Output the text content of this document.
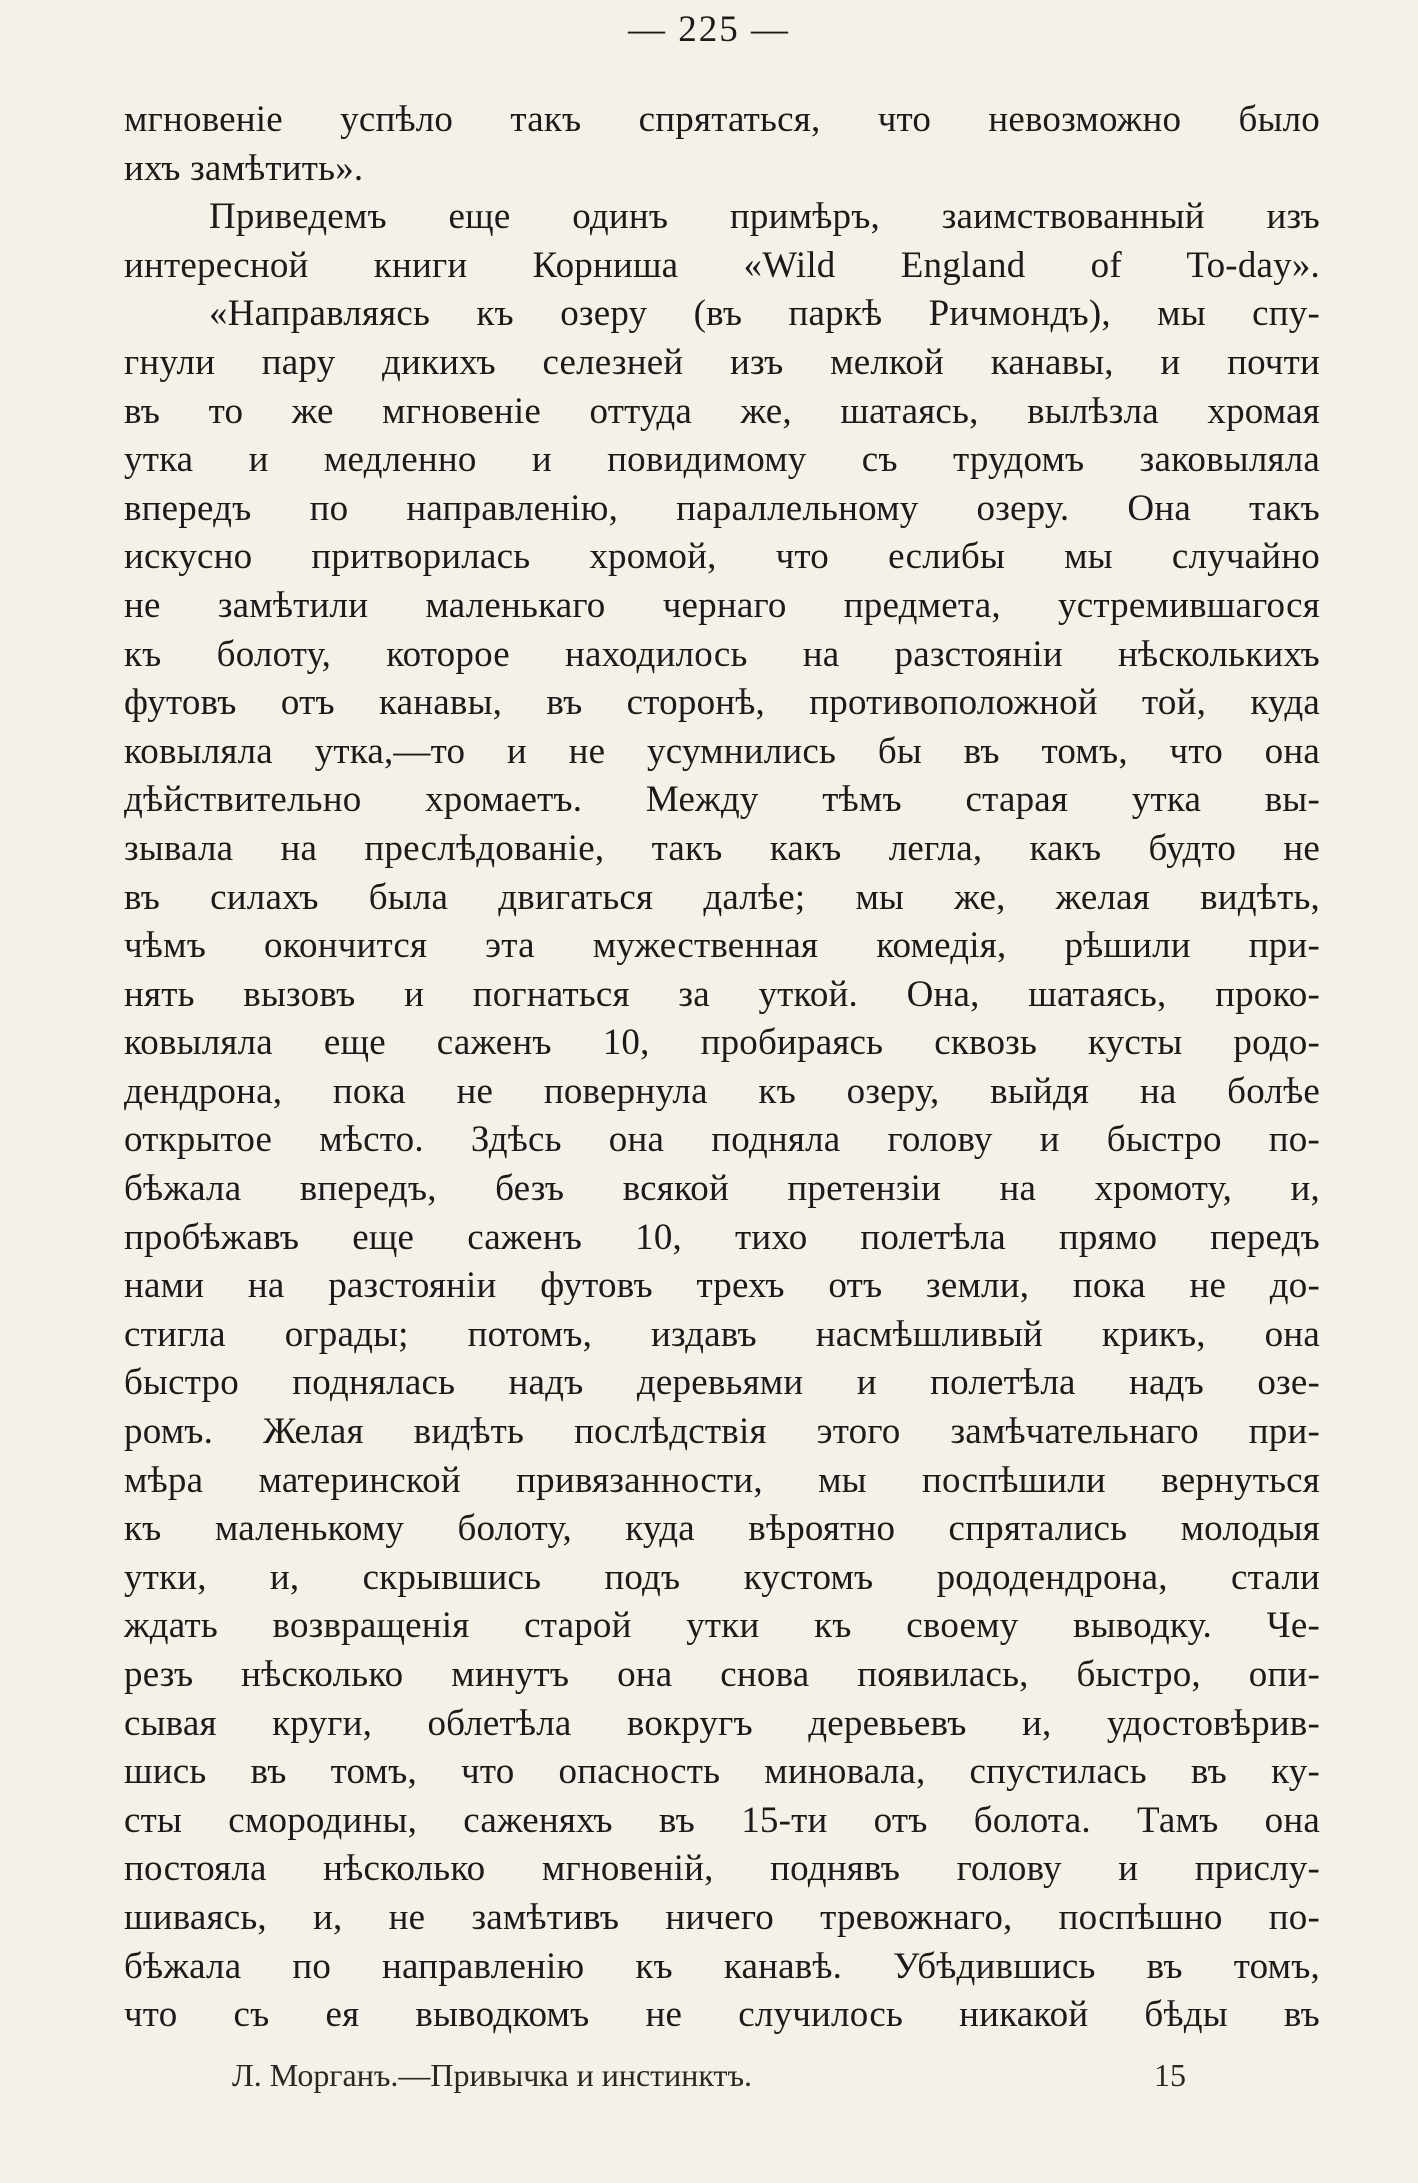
— 225 —
мгновеніе успѣло такъ спрятаться, что невозможно было
ихъ замѣтить».
Приведемъ еще одинъ примѣръ, заимствованный изъ
интересной книги Корниша «Wild England of To-day».
«Направляясь къ озеру (въ паркѣ Ричмондъ), мы спу-
гнули пару дикихъ селезней изъ мелкой канавы, и почти
въ то же мгновеніе оттуда же, шатаясь, вылѣзла хромая
утка и медленно и повидимому съ трудомъ заковыляла
впередъ по направленію, параллельному озеру. Она такъ
искусно притворилась хромой, что еслибы мы случайно
не замѣтили маленькаго чернаго предмета, устремившагося
къ болоту, которое находилось на разстояніи нѣсколькихъ
футовъ отъ канавы, въ сторонѣ, противоположной той, куда
ковыляла утка,—то и не усумнились бы въ томъ, что она
дѣйствительно хромаетъ. Между тѣмъ старая утка вы-
зывала на преслѣдованіе, такъ какъ легла, какъ будто не
въ силахъ была двигаться далѣе; мы же, желая видѣть,
чѣмъ окончится эта мужественная комедія, рѣшили при-
нять вызовъ и погнаться за уткой. Она, шатаясь, проко-
ковыляла еще саженъ 10, пробираясь сквозь кусты родо-
дендрона, пока не повернула къ озеру, выйдя на болѣе
открытое мѣсто. Здѣсь она подняла голову и быстро по-
бѣжала впередъ, безъ всякой претензіи на хромоту, и,
пробѣжавъ еще саженъ 10, тихо полетѣла прямо передъ
нами на разстояніи футовъ трехъ отъ земли, пока не до-
стигла ограды; потомъ, издавъ насмѣшливый крикъ, она
быстро поднялась надъ деревьями и полетѣла надъ озе-
ромъ. Желая видѣть послѣдствія этого замѣчательнаго при-
мѣра материнской привязанности, мы поспѣшили вернуться
къ маленькому болоту, куда вѣроятно спрятались молодыя
утки, и, скрывшись подъ кустомъ рододендрона, стали
ждать возвращенія старой утки къ своему выводку. Че-
резъ нѣсколько минутъ она снова появилась, быстро, опи-
сывая круги, облетѣла вокругъ деревьевъ и, удостовѣрив-
шись въ томъ, что опасность миновала, спустилась въ ку-
сты смородины, саженяхъ въ 15-ти отъ болота. Тамъ она
постояла нѣсколько мгновеній, поднявъ голову и прислу-
шиваясь, и, не замѣтивъ ничего тревожнаго, поспѣшно по-
бѣжала по направленію къ канавѣ. Убѣдившись въ томъ,
что съ ея выводкомъ не случилось никакой бѣды въ
Л. Морганъ.—Привычка и инстинктъ.	15
